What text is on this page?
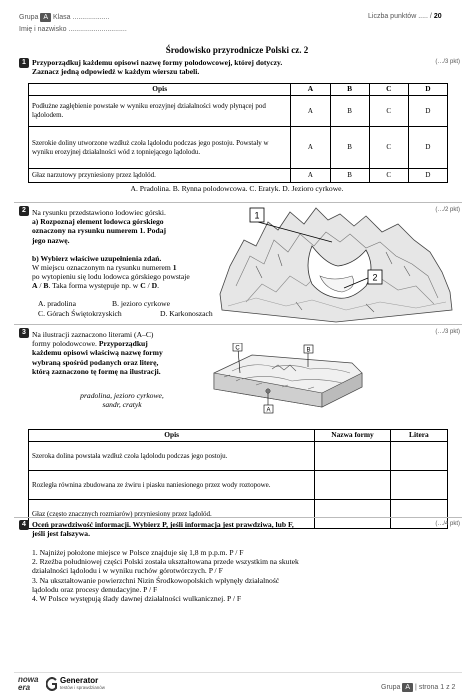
Grupa A Klasa ...................
Imię i nazwisko ..............................
Liczba punktów ..... / 20
Środowisko przyrodnicze Polski cz. 2
1	(…/3 pkt)
Przyporządkuj każdemu opisowi nazwę formy polodowcowej, której dotyczy.
Zaznacz jedną odpowiedź w każdym wierszu tabeli.
Opis	A	B	C	D
Podłużne zagłębienie powstałe w wyniku erozyjnej działalności wody płynącej pod lądolodem.	A	B	C	D
Szerokie doliny utworzone wzdłuż czoła lądolodu podczas jego postoju. Powstały w wyniku erozyjnej działalności wód z topniejącego lądolodu.	A	B	C	D
Głaz narzutowy przyniesiony przez lądolód.	A	B	C	D
A. Pradolina. B. Rynna polodowcowa. C. Eratyk. D. Jezioro cyrkowe.
2	(…/2 pkt)
Na rysunku przedstawiono lodowiec górski.
a) Rozpoznaj element lodowca górskiego
oznaczony na rysunku numerem 1. Podaj
jego nazwę.
b) Wybierz właściwe uzupełnienia zdań.
W miejscu oznaczonym na rysunku numerem 1
po wytopieniu się lodu lodowca górskiego powstaje
A / B. Taka forma występuje np. w C / D.
A. pradolina	B. jezioro cyrkowe
C. Górach Świętokrzyskich	D. Karkonoszach
1
2
3	(…/3 pkt)
Na ilustracji zaznaczono literami (A–C)
formy polodowcowe. Przyporządkuj
każdemu opisowi właściwą nazwę formy
wybraną spośród podanych oraz literę,
którą zaznaczono tę formę na ilustracji.
pradolina, jezioro cyrkowe,
sandr, cratyk
C	B
A
Opis	Nazwa formy	Litera
Szeroka dolina powstała wzdłuż czoła lądolodu podczas jego postoju.		
Rozległa równina zbudowana ze żwiru i piasku naniesionego przez wody roztopowe.		
Głaz (często znacznych rozmiarów) przyniesiony przez lądolód.		
4	(…/4 pkt)
Oceń prawdziwość informacji. Wybierz P, jeśli informacja jest prawdziwa, lub F,
jeśli jest fałszywa.
1. Najniżej położone miejsce w Polsce znajduje się 1,8 m p.p.m. P / F
2. Rzeźba południowej części Polski została ukształtowana przede wszystkim na skutek
działalności lądolodu i w wyniku ruchów górotwórczych. P / F
3. Na ukształtowanie powierzchni Nizin Środkowopolskich wpłynęły działalność
lądolodu oraz procesy denudacyjne. P / F
4. W Polsce występują ślady dawnej działalności wulkanicznej. P / F
nowa
era
Generator
testów i sprawdzianów	Grupa A | strona 1 z 2
